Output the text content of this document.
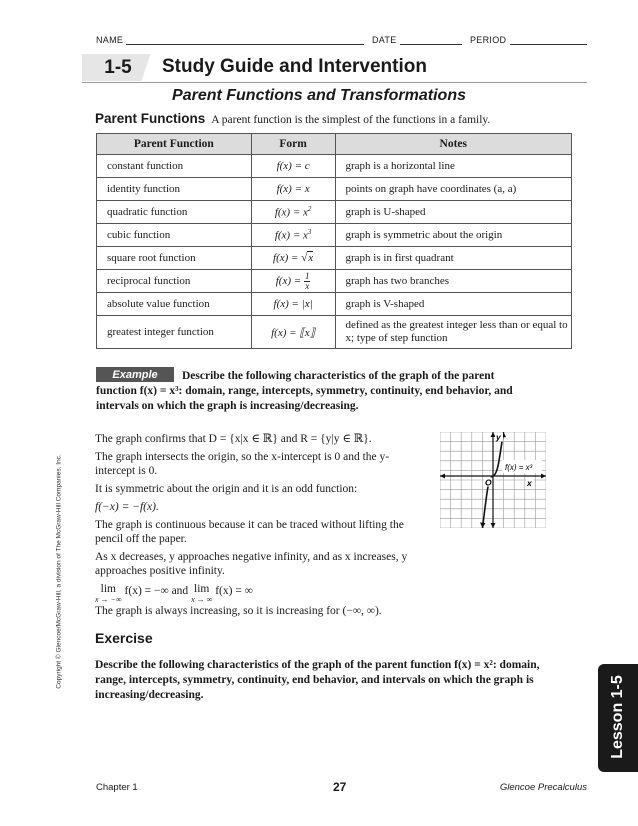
NAME	DATE	PERIOD
1-5	Study Guide and Intervention
Parent Functions and Transformations
Parent Functions A parent function is the simplest of the functions in a family.
Parent Function	Form	Notes
constant function	f(x) = c	graph is a horizontal line
identity function	f(x) = x	points on graph have coordinates (a, a)
quadratic function	$f(x) = x^2$	graph is U-shaped
cubic function	$f(x) = x^3$	graph is symmetric about the origin
square root function	f(x) = √x	graph is in first quadrant
reciprocal function	$f(x) = \frac{1}{x}$	graph has two branches
absolute value function	f(x) = |x|	graph is V-shaped
greatest integer function	f(x) = ⟦x⟧	defined as the greatest integer less than or equal to x; type of step function
Describe the following characteristics of the graph of the parent function f(x) = x³: domain, range, intercepts, symmetry, continuity, end behavior, and intervals on which the graph is increasing/decreasing.
Example
The graph confirms that D = {x|x ∈ ℝ} and R = {y|y ∈ ℝ}.
The graph intersects the origin, so the x-intercept is 0 and the y-intercept is 0.
It is symmetric about the origin and it is an odd function:
f(−x) = −f(x).
The graph is continuous because it can be traced without lifting the pencil off the paper.
As x decreases, y approaches negative infinity, and as x increases, y approaches positive infinity.
lim
x → −∞
f(x) = −∞ and lim
x → ∞
f(x) = ∞
The graph is always increasing, so it is increasing for (−∞, ∞).
f(x) = x³
y
x
O
Exercise
Describe the following characteristics of the graph of the parent function f(x) = x²: domain, range, intercepts, symmetry, continuity, end behavior, and intervals on which the graph is increasing/decreasing.
Copyright © Glencoe/McGraw-Hill, a division of The McGraw-Hill Companies, Inc.
Lesson 1-5
Chapter 1	27	Glencoe Precalculus
